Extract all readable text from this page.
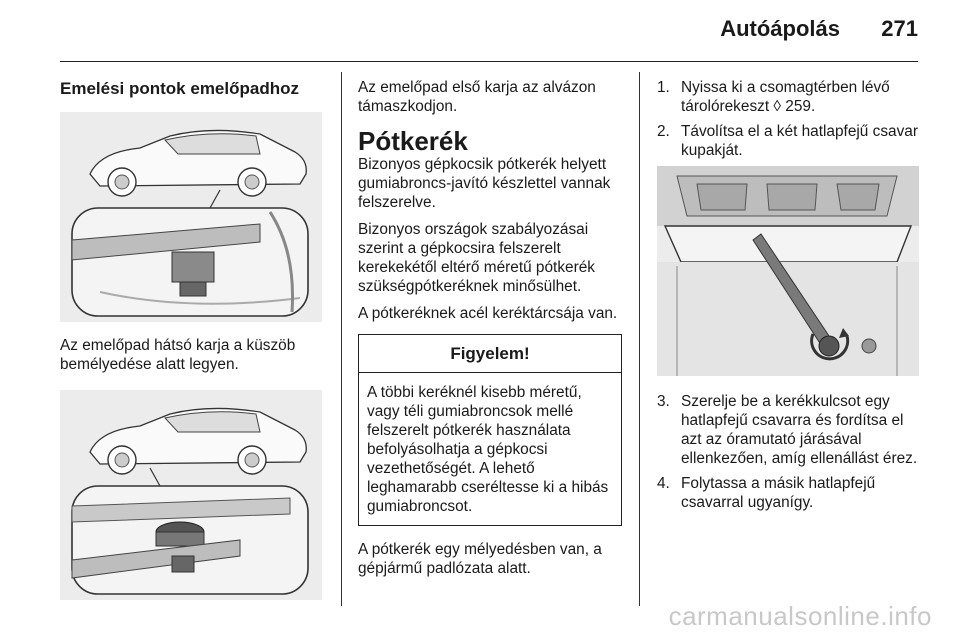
Autóápolás 271

Emelési pontok emelőpadhoz

Az emelőpad hátsó karja a küszöb bemélyedése alatt legyen.

Az emelőpad első karja az alvázon támaszkodjon.

Pótkerék

Bizonyos gépkocsik pótkerék helyett gumiabroncs-javító készlettel vannak felszerelve.

Bizonyos országok szabályozásai szerint a gépkocsira felszerelt kerekekétől eltérő méretű pótkerék szükségpótkeréknek minősülhet.

A pótkeréknek acél keréktárcsája van.

Figyelem!

A többi keréknél kisebb méretű, vagy téli gumiabroncsok mellé felszerelt pótkerék használata befolyásolhatja a gépkocsi vezethetőségét. A lehető leghamarabb cseréltesse ki a hibás gumiabroncsot.

A pótkerék egy mélyedésben van, a gépjármű padlózata alatt.

1. Nyissa ki a csomagtérben lévő tárolórekeszt ◊ 259.
2. Távolítsa el a két hatlapfejű csavar kupakját.
3. Szerelje be a kerékkulcsot egy hatlapfejű csavarra és fordítsa el azt az óramutató járásával ellenkezően, amíg ellenállást érez.
4. Folytassa a másik hatlapfejű csavarral ugyanígy.
carmanualsonline.info
